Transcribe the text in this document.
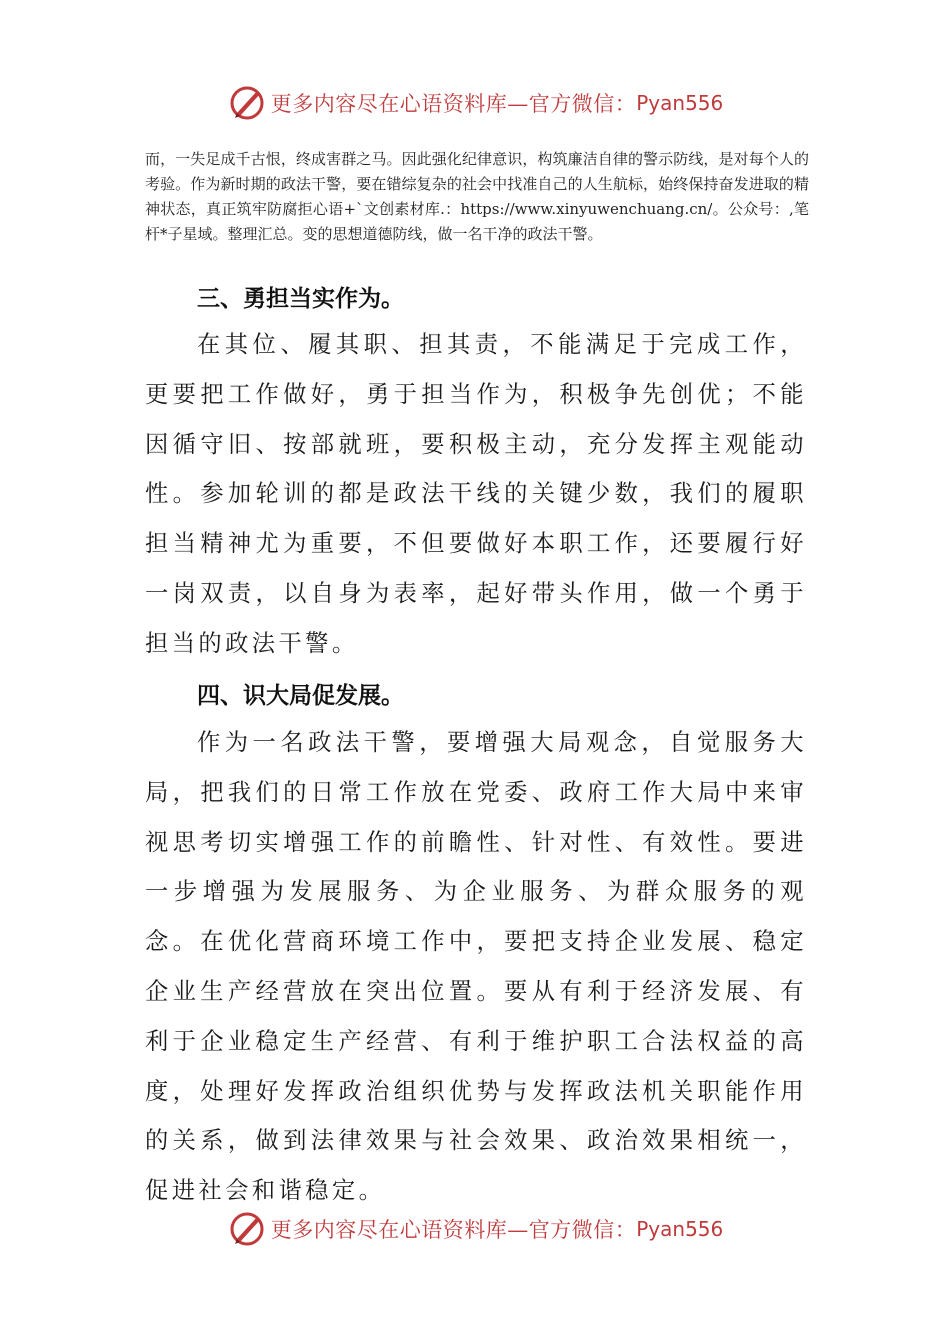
更多内容尽在心语资料库—官方微信： Pyan556
而，一失足成千古恨，终成害群之马。因此强化纪律意识，构筑廉洁自律的警示防线，是对每个人的考验。作为新时期的政法干警，要在错综复杂的社会中找准自己的人生航标，始终保持奋发进取的精神状态，真正筑牢防腐拒心语+`文创素材库.：https://www.xinyuwenchuang.cn/。公众号：,笔杆*子星域。整理汇总。变的思想道德防线，做一名干净的政法干警。
三、勇担当实作为。
在其位、履其职、担其责，不能满足于完成工作，更要把工作做好，勇于担当作为，积极争先创优；不能因循守旧、按部就班，要积极主动，充分发挥主观能动性。参加轮训的都是政法干线的关键少数，我们的履职担当精神尤为重要，不但要做好本职工作，还要履行好一岗双责，以自身为表率，起好带头作用，做一个勇于担当的政法干警。
四、识大局促发展。
作为一名政法干警，要增强大局观念，自觉服务大局，把我们的日常工作放在党委、政府工作大局中来审视思考切实增强工作的前瞻性、针对性、有效性。要进一步增强为发展服务、为企业服务、为群众服务的观念。在优化营商环境工作中，要把支持企业发展、稳定企业生产经营放在突出位置。要从有利于经济发展、有利于企业稳定生产经营、有利于维护职工合法权益的高度，处理好发挥政治组织优势与发挥政法机关职能作用的关系，做到法律效果与社会效果、政治效果相统一，促进社会和谐稳定。
更多内容尽在心语资料库—官方微信： Pyan556
